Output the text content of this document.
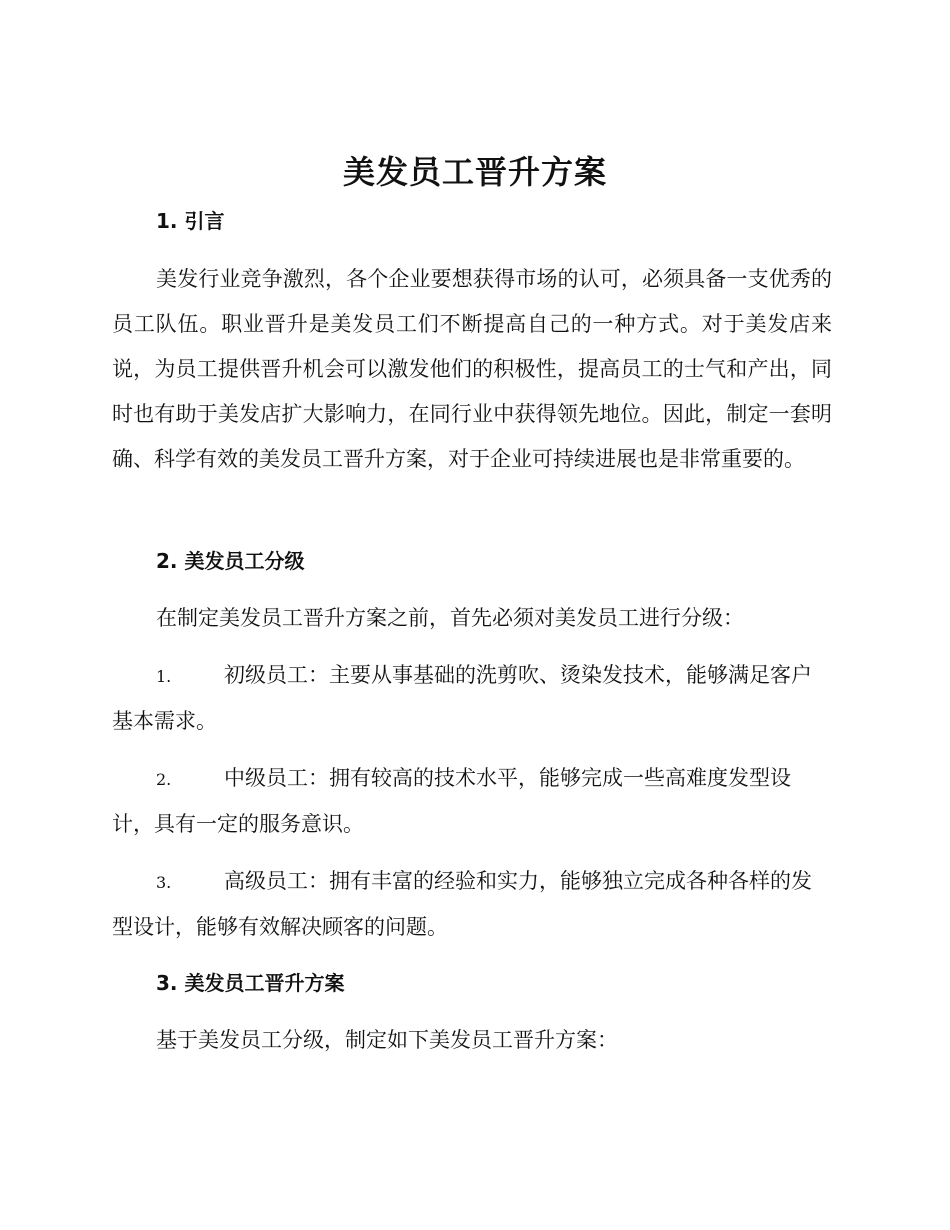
美发员工晋升方案
1. 引言

美发行业竞争激烈，各个企业要想获得市场的认可，必须具备一支优秀的员工队伍。职业晋升是美发员工们不断提高自己的一种方式。对于美发店来说，为员工提供晋升机会可以激发他们的积极性，提高员工的士气和产出，同时也有助于美发店扩大影响力，在同行业中获得领先地位。因此，制定一套明确、科学有效的美发员工晋升方案，对于企业可持续进展也是非常重要的。

2. 美发员工分级

在制定美发员工晋升方案之前，首先必须对美发员工进行分级：

1.	初级员工：主要从事基础的洗剪吹、烫染发技术，能够满足客户基本需求。

2.	中级员工：拥有较高的技术水平，能够完成一些高难度发型设计，具有一定的服务意识。

3.	高级员工：拥有丰富的经验和实力，能够独立完成各种各样的发型设计，能够有效解决顾客的问题。

3. 美发员工晋升方案

基于美发员工分级，制定如下美发员工晋升方案：
